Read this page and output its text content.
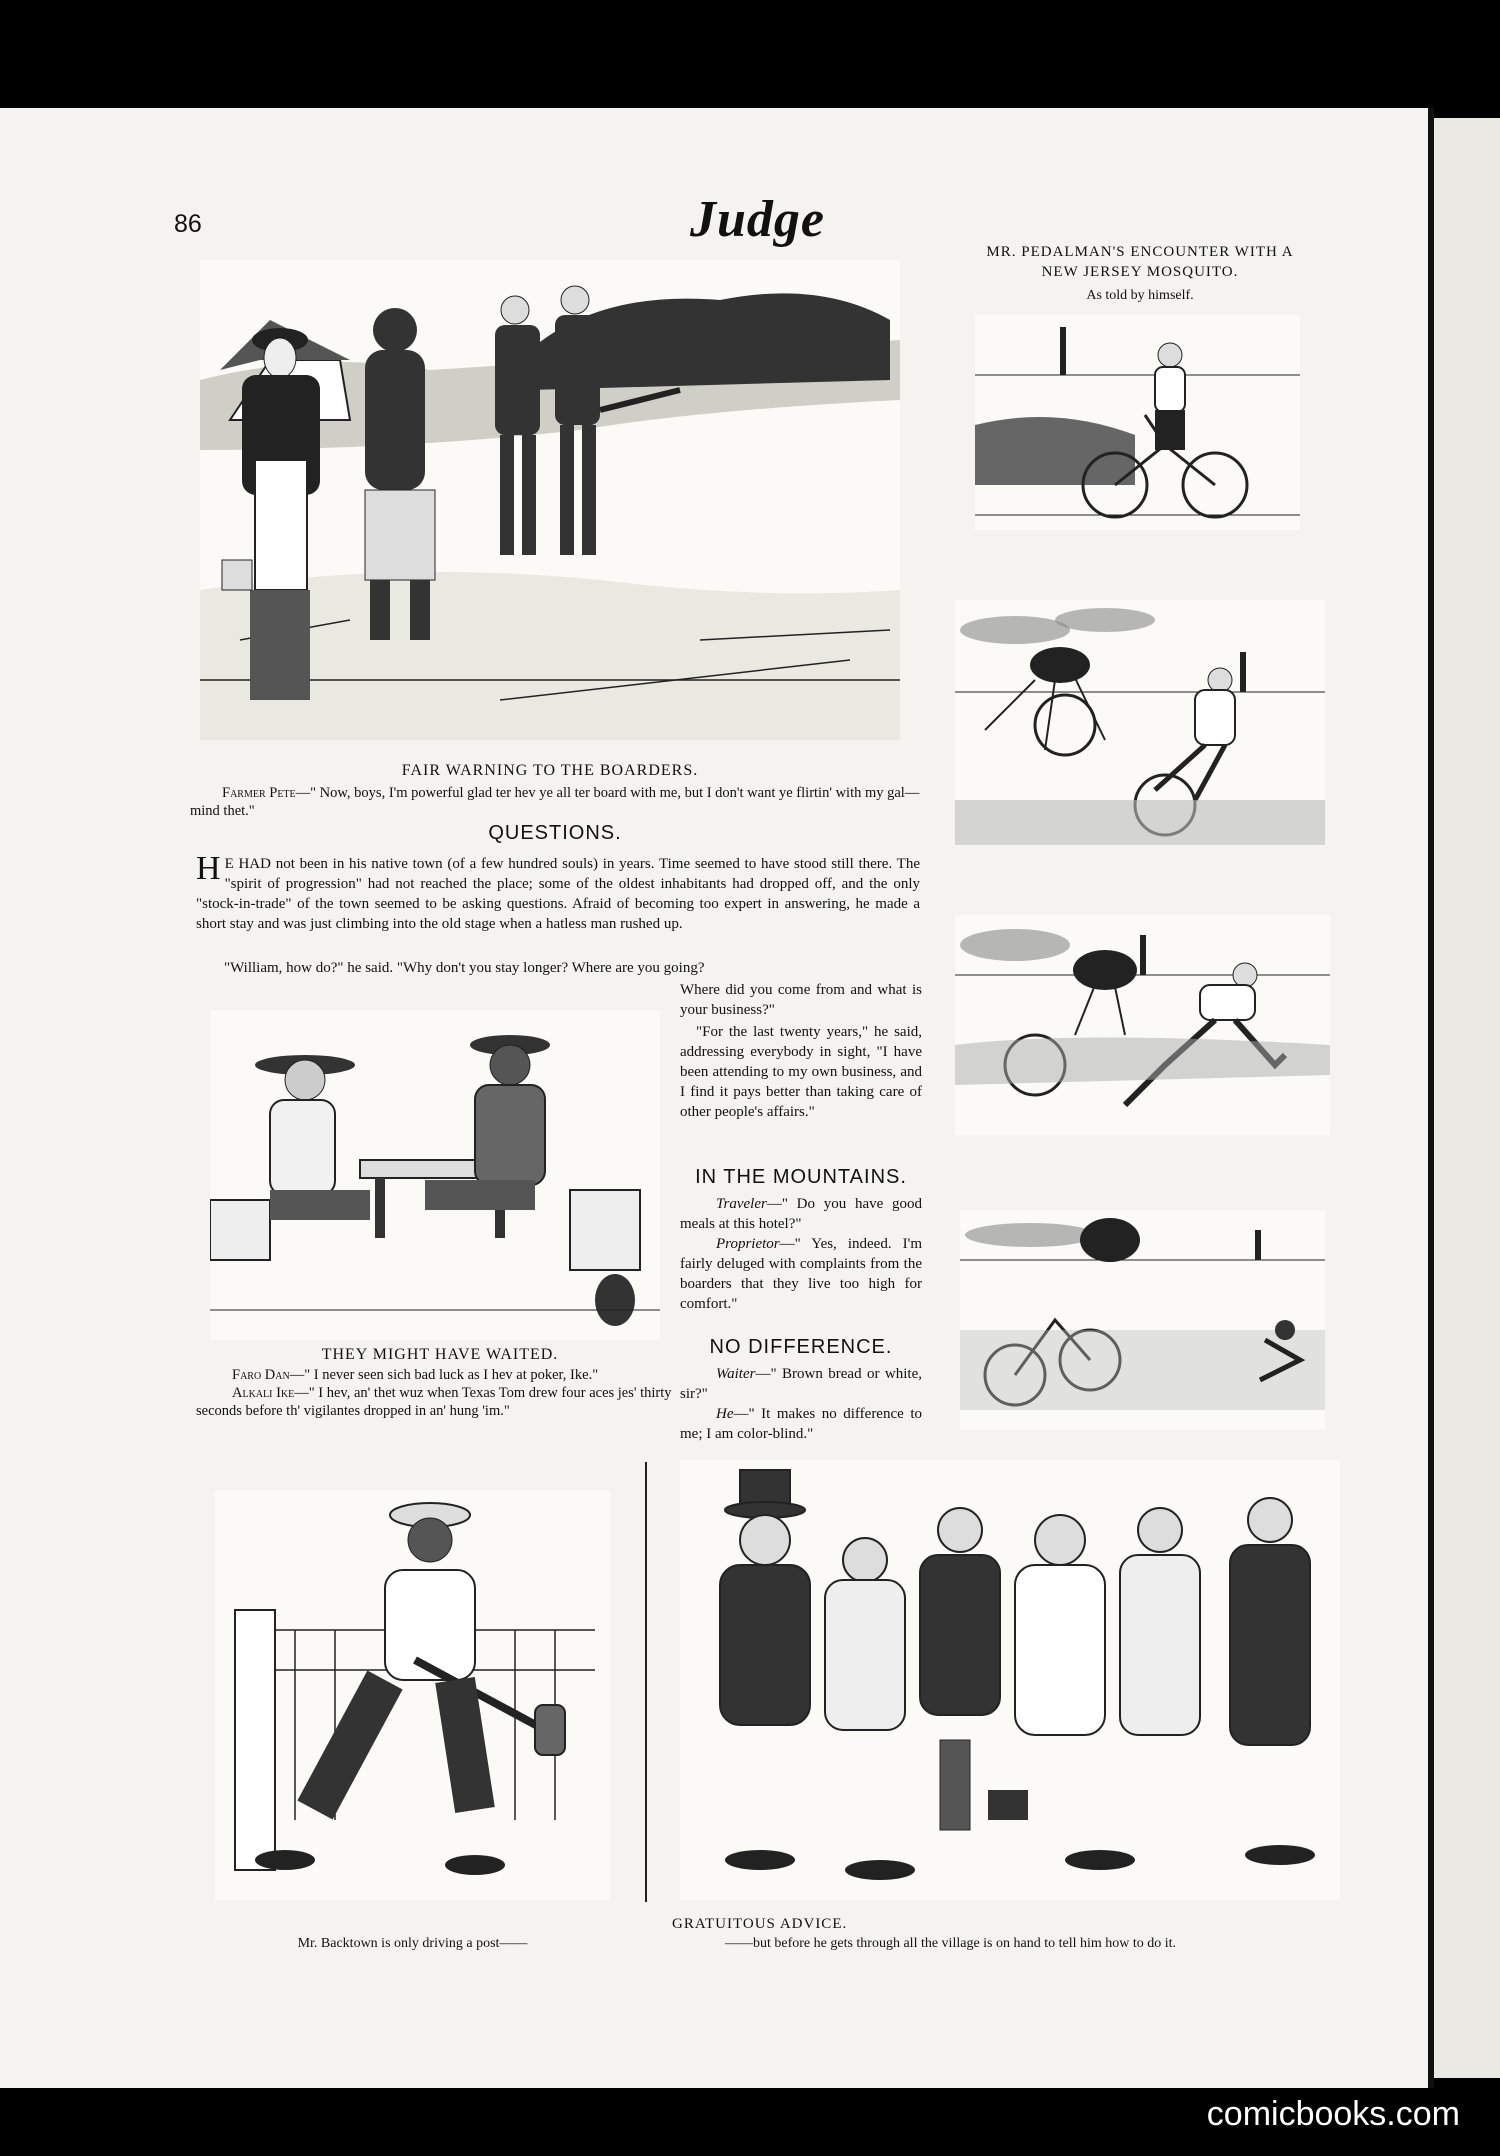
86	Judge
FAIR WARNING TO THE BOARDERS.
Farmer Pete—" Now, boys, I'm powerful glad ter hev ye all ter board with me, but I don't want ye flirtin' with my gal—mind thet."
QUESTIONS.
H E HAD not been in his native town (of a few hundred souls) in years. Time seemed to have stood still there. The "spirit of progression" had not reached the place; some of the oldest inhabitants had dropped off, and the only "stock-in-trade" of the town seemed to be asking questions. Afraid of becoming too expert in answering, he made a short stay and was just climbing into the old stage when a hatless man rushed up.
"William, how do?" he said. "Why don't you stay longer? Where are you going?
Where did you come from and what is your business?"
"For the last twenty years," he said, addressing everybody in sight, "I have been attending to my own business, and I find it pays better than taking care of other people's affairs."
THEY MIGHT HAVE WAITED.
Faro Dan—" I never seen sich bad luck as I hev at poker, Ike."
Alkali Ike—" I hev, an' thet wuz when Texas Tom drew four aces jes' thirty seconds before th' vigilantes dropped in an' hung 'im."
IN THE MOUNTAINS.
Traveler—" Do you have good meals at this hotel?"
Proprietor—" Yes, indeed. I'm fairly deluged with complaints from the boarders that they live too high for comfort."
NO DIFFERENCE.
Waiter—" Brown bread or white, sir?"
He—" It makes no difference to me; I am color-blind."
MR. PEDALMAN'S ENCOUNTER WITH A
NEW JERSEY MOSQUITO.
As told by himself.
Mr. Backtown is only driving a post——
GRATUITOUS ADVICE.
——but before he gets through all the village is on hand to tell him how to do it.
comicbooks.com
